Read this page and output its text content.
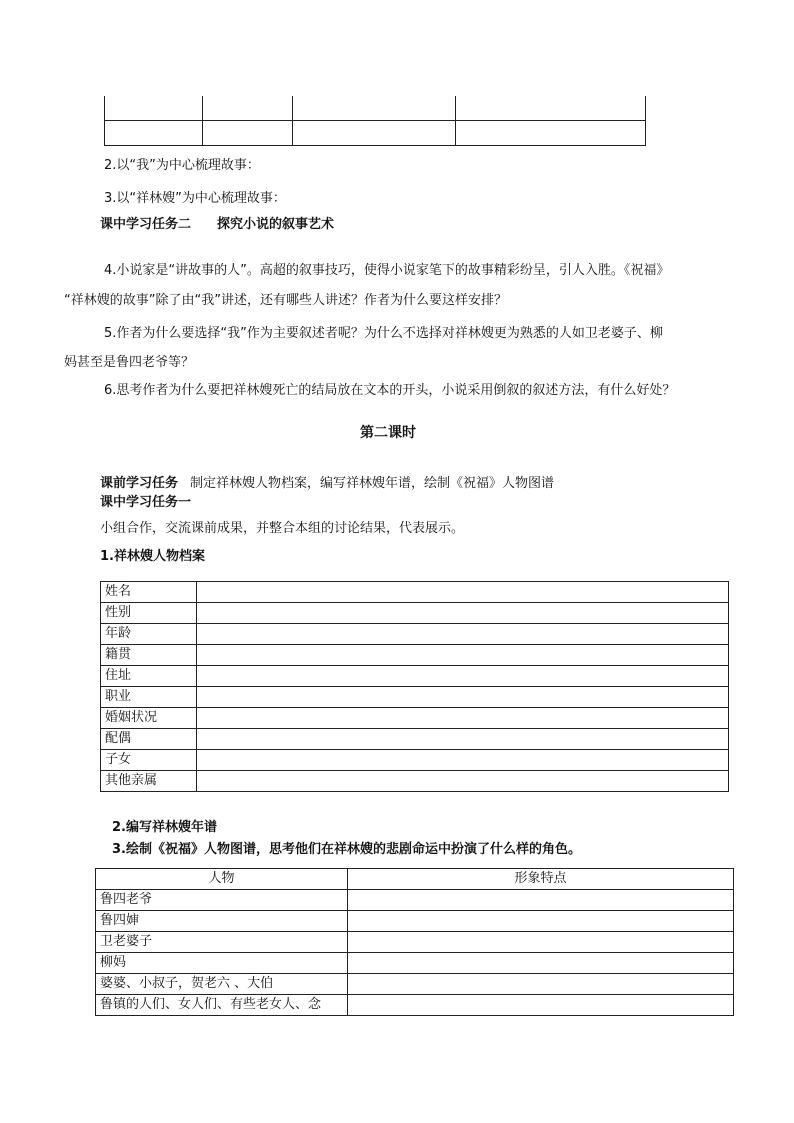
2.以“我”为中心梳理故事：
3.以“祥林嫂”为中心梳理故事：
课中学习任务二　　探究小说的叙事艺术
4.小说家是“讲故事的人”。高超的叙事技巧，使得小说家笔下的故事精彩纷呈，引人入胜。《祝福》
“祥林嫂的故事”除了由“我”讲述，还有哪些人讲述？作者为什么要这样安排？
5.作者为什么要选择“我”作为主要叙述者呢？为什么不选择对祥林嫂更为熟悉的人如卫老婆子、柳
妈甚至是鲁四老爷等？
6.思考作者为什么要把祥林嫂死亡的结局放在文本的开头，小说采用倒叙的叙述方法，有什么好处？
第二课时
课前学习任务 制定祥林嫂人物档案，编写祥林嫂年谱，绘制《祝福》人物图谱
课中学习任务一
小组合作，交流课前成果，并整合本组的讨论结果，代表展示。
1.祥林嫂人物档案
姓名	
性别	
年龄	
籍贯	
住址	
职业	
婚姻状况	
配偶	
子女	
其他亲属	
2.编写祥林嫂年谱
3.绘制《祝福》人物图谱，思考他们在祥林嫂的悲剧命运中扮演了什么样的角色。
人物	形象特点
鲁四老爷	
鲁四婶	
卫老婆子	
柳妈	
婆婆、小叔子，贺老六 、大伯	
鲁镇的人们、女人们、有些老女人、念	
